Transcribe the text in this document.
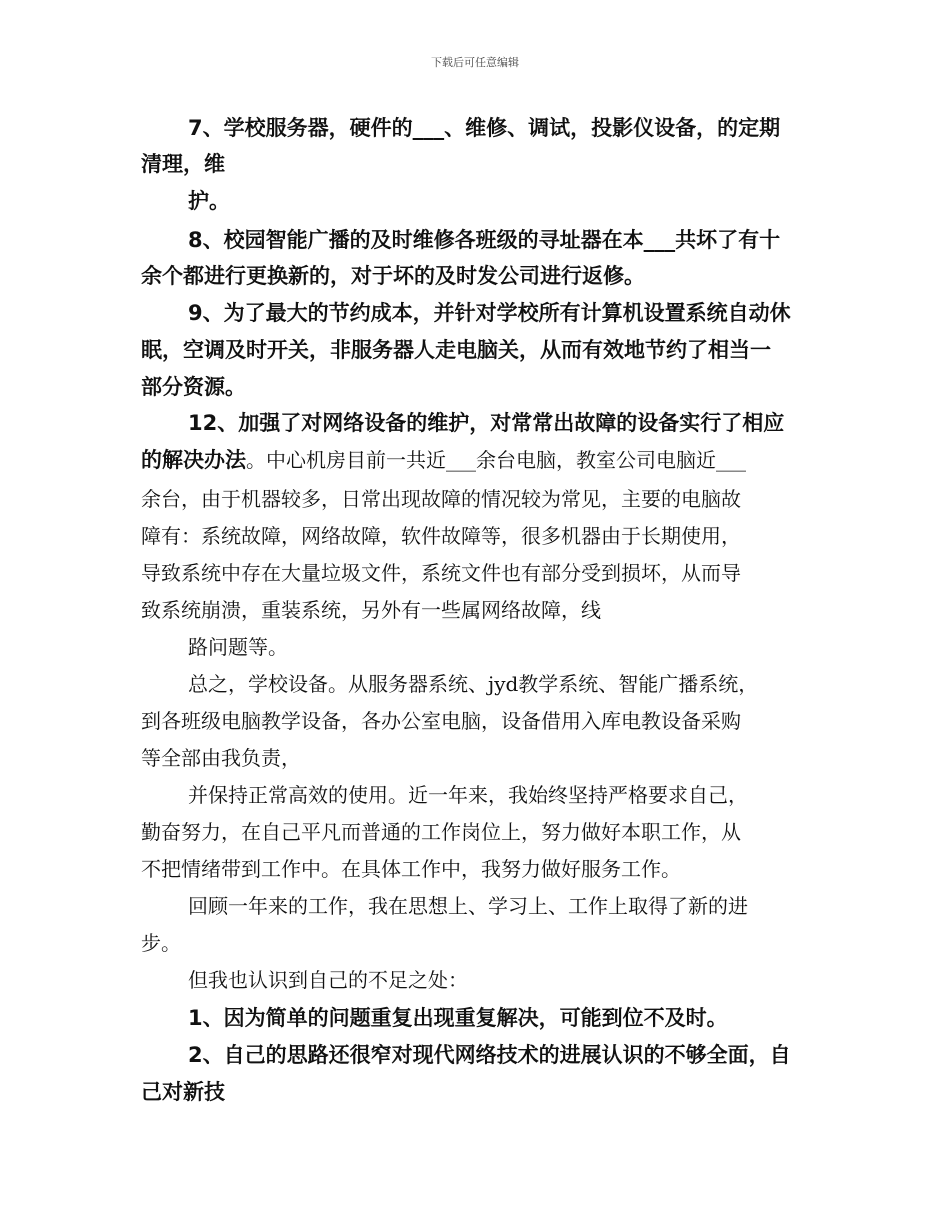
下载后可任意编辑
7、学校服务器，硬件的___、维修、调试，投影仪设备，的定期
清理，维
护。
8、校园智能广播的及时维修各班级的寻址器在本___共坏了有十
余个都进行更换新的，对于坏的及时发公司进行返修。
9、为了最大的节约成本，并针对学校所有计算机设置系统自动休
眠，空调及时开关，非服务器人走电脑关，从而有效地节约了相当一
部分资源。
12、加强了对网络设备的维护，对常常出故障的设备实行了相应
的解决办法。中心机房目前一共近___余台电脑，教室公司电脑近___
余台，由于机器较多，日常出现故障的情况较为常见，主要的电脑故
障有：系统故障，网络故障，软件故障等，很多机器由于长期使用，
导致系统中存在大量垃圾文件，系统文件也有部分受到损坏，从而导
致系统崩溃，重装系统，另外有一些属网络故障，线
路问题等。
总之，学校设备。从服务器系统、jyd教学系统、智能广播系统，
到各班级电脑教学设备，各办公室电脑，设备借用入库电教设备采购
等全部由我负责，
并保持正常高效的使用。近一年来，我始终坚持严格要求自己，
勤奋努力，在自己平凡而普通的工作岗位上，努力做好本职工作，从
不把情绪带到工作中。在具体工作中，我努力做好服务工作。
回顾一年来的工作，我在思想上、学习上、工作上取得了新的进
步。
但我也认识到自己的不足之处：
1、因为简单的问题重复出现重复解决，可能到位不及时。
2、自己的思路还很窄对现代网络技术的进展认识的不够全面，自
己对新技
